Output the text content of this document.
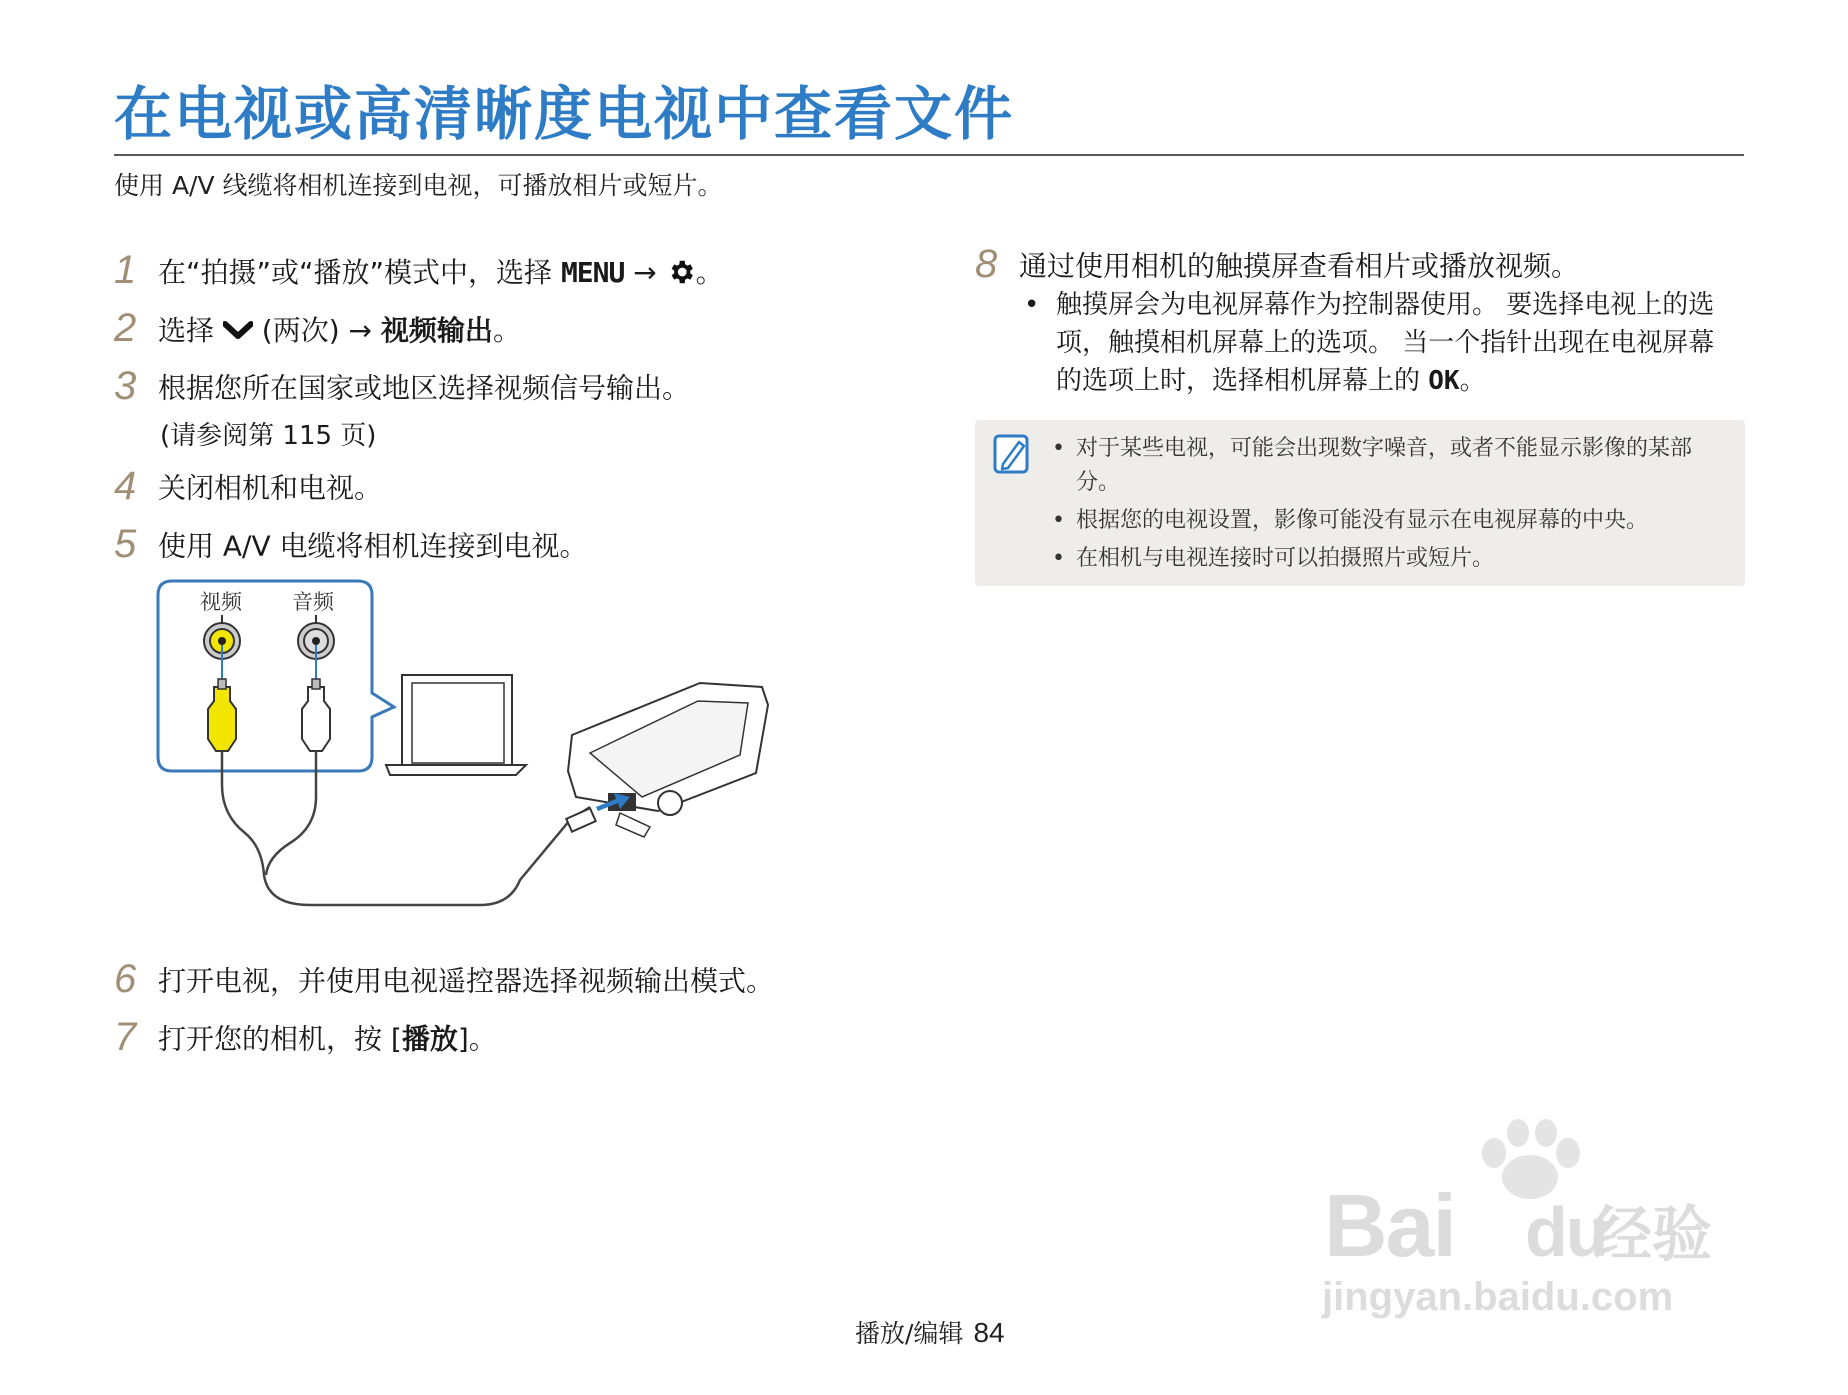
在电视或高清晰度电视中查看文件
使用 A/V 线缆将相机连接到电视，可播放相片或短片。
1 在“拍摄”或“播放”模式中，选择 MENU → 。
2 选择  (两次) → 视频输出。
3 根据您所在国家或地区选择视频信号输出。
(请参阅第 115 页)
4 关闭相机和电视。
5 使用 A/V 电缆将相机连接到电视。
视频 音频
6 打开电视，并使用电视遥控器选择视频输出模式。
7 打开您的相机，按 [播放]。
8 通过使用相机的触摸屏查看相片或播放视频。
• 触摸屏会为电视屏幕作为控制器使用。 要选择电视上的选项，触摸相机屏幕上的选项。 当一个指针出现在电视屏幕的选项上时，选择相机屏幕上的 OK。
• 对于某些电视，可能会出现数字噪音，或者不能显示影像的某部分。
• 根据您的电视设置，影像可能没有显示在电视屏幕的中央。
• 在相机与电视连接时可以拍摄照片或短片。
播放/编辑 84
Bai du
经验
jingyan.baidu.com
